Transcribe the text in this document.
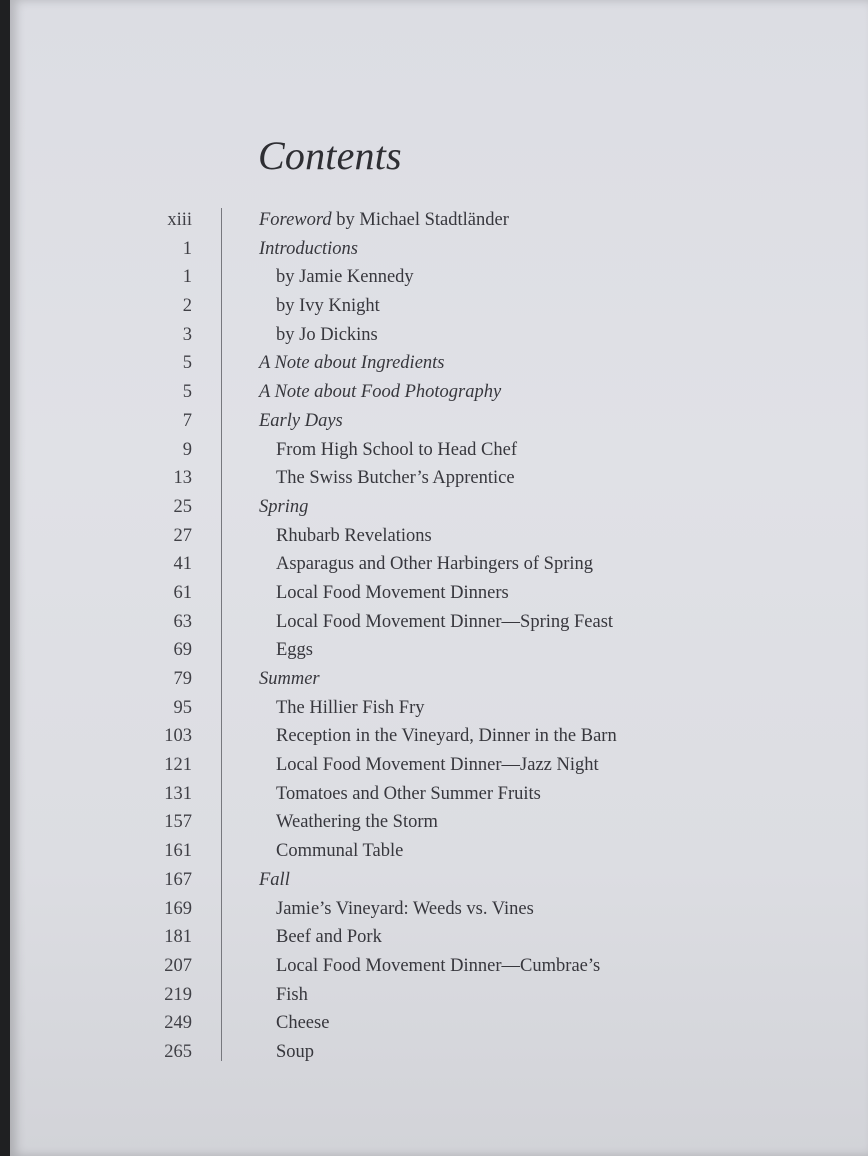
Contents
xiii	Foreword by Michael Stadtländer
1	Introductions
1	by Jamie Kennedy
2	by Ivy Knight
3	by Jo Dickins
5	A Note about Ingredients
5	A Note about Food Photography
7	Early Days
9	From High School to Head Chef
13	The Swiss Butcher’s Apprentice
25	Spring
27	Rhubarb Revelations
41	Asparagus and Other Harbingers of Spring
61	Local Food Movement Dinners
63	Local Food Movement Dinner—Spring Feast
69	Eggs
79	Summer
95	The Hillier Fish Fry
103	Reception in the Vineyard, Dinner in the Barn
121	Local Food Movement Dinner—Jazz Night
131	Tomatoes and Other Summer Fruits
157	Weathering the Storm
161	Communal Table
167	Fall
169	Jamie’s Vineyard: Weeds vs. Vines
181	Beef and Pork
207	Local Food Movement Dinner—Cumbrae’s
219	Fish
249	Cheese
265	Soup
